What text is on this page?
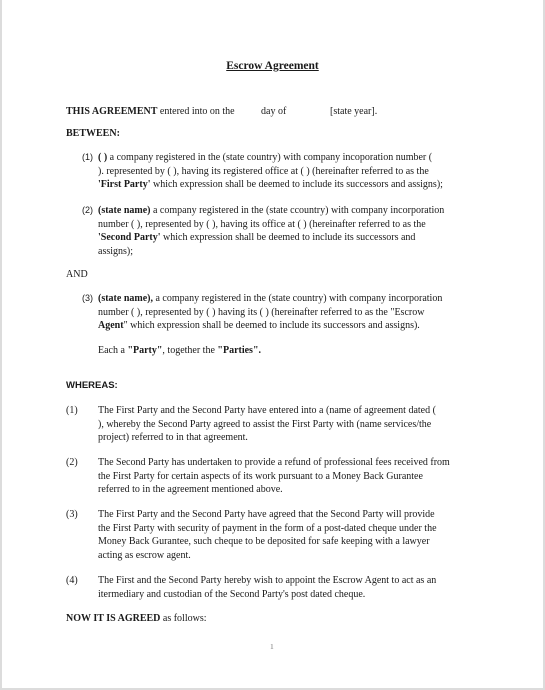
Escrow Agreement
THIS AGREEMENT entered into on the	day of	[state year].
BETWEEN:
(1) ( ) a company registered in the (state country) with company incoporation number (
). represented by ( ), having its registered office at ( ) (hereinafter referred to as the
'First Party' which expression shall be deemed to include its successors and assigns);
(2) (state name) a company registered in the (state ccountry) with company incorporation
number ( ), represented by ( ), having its office at ( ) (hereinafter referred to as the
'Second Party' which expression shall be deemed to include its successors and
assigns);
AND
(3) (state name), a company registered in the (state country) with company incorporation
number ( ), represented by ( ) having its ( ) (hereinafter referred to as the "Escrow
Agent" which expression shall be deemed to include its successors and assigns).
Each a "Party", together the "Parties".
WHEREAS:
(1) The First Party and the Second Party have entered into a (name of agreement dated (
), whereby the Second Party agreed to assist the First Party with (name services/the
project) referred to in that agreement.
(2) The Second Party has undertaken to provide a refund of professional fees received from
the First Party for certain aspects of its work pursuant to a Money Back Gurantee
referred to in the agreement mentioned above.
(3) The First Party and the Second Party have agreed that the Second Party will provide
the First Party with security of payment in the form of a post-dated cheque under the
Money Back Gurantee, such cheque to be deposited for safe keeping with a lawyer
acting as escrow agent.
(4) The First and the Second Party hereby wish to appoint the Escrow Agent to act as an
itermediary and custodian of the Second Party's post dated cheque.
NOW IT IS AGREED as follows:
1
